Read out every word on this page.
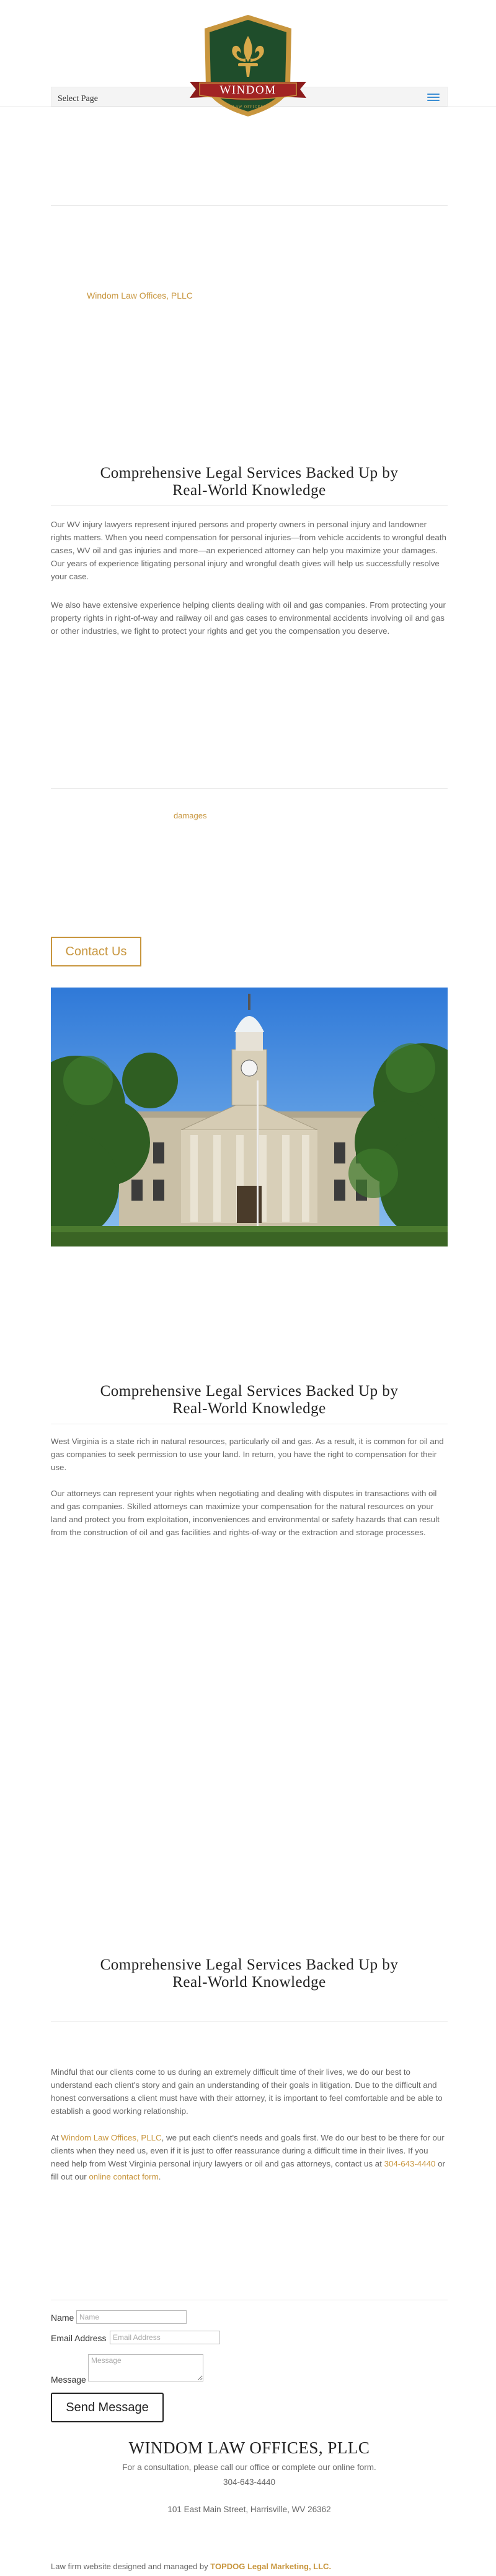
Select Page
WINDOM
LAW OFFICES
Windom Law Offices, PLLC
Comprehensive Legal Services Backed Up by
Real-World Knowledge

Our WV injury lawyers represent injured persons and property owners in personal injury and landowner rights matters. When you need compensation for personal injuries—from vehicle accidents to wrongful death cases, WV oil and gas injuries and more—an experienced attorney can help you maximize your damages. Our years of experience litigating personal injury and wrongful death gives will help us successfully resolve your case.

We also have extensive experience helping clients dealing with oil and gas companies. From protecting your property rights in right-of-way and railway oil and gas cases to environmental accidents involving oil and gas or other industries, we fight to protect your rights and get you the compensation you deserve.

damages
Contact Us
Comprehensive Legal Services Backed Up by
Real-World Knowledge

West Virginia is a state rich in natural resources, particularly oil and gas. As a result, it is common for oil and gas companies to seek permission to use your land. In return, you have the right to compensation for their use.

Our attorneys can represent your rights when negotiating and dealing with disputes in transactions with oil and gas companies. Skilled attorneys can maximize your compensation for the natural resources on your land and protect you from exploitation, inconveniences and environmental or safety hazards that can result from the construction of oil and gas facilities and rights-of-way or the extraction and storage processes.

Comprehensive Legal Services Backed Up by
Real-World Knowledge

Mindful that our clients come to us during an extremely difficult time of their lives, we do our best to understand each client's story and gain an understanding of their goals in litigation. Due to the difficult and honest conversations a client must have with their attorney, it is important to feel comfortable and be able to establish a good working relationship.

At Windom Law Offices, PLLC, we put each client's needs and goals first. We do our best to be there for our clients when they need us, even if it is just to offer reassurance during a difficult time in their lives. If you need help from West Virginia personal injury lawyers or oil and gas attorneys, contact us at 304-643-4440 or fill out our online contact form.

Name
Name
Email Address
Email Address
Message
Message
Send Message
WINDOM LAW OFFICES, PLLC
For a consultation, please call our office or complete our online form.
304-643-4440
101 East Main Street, Harrisville, WV 26362
Law firm website designed and managed by TOPDOG Legal Marketing, LLC.
